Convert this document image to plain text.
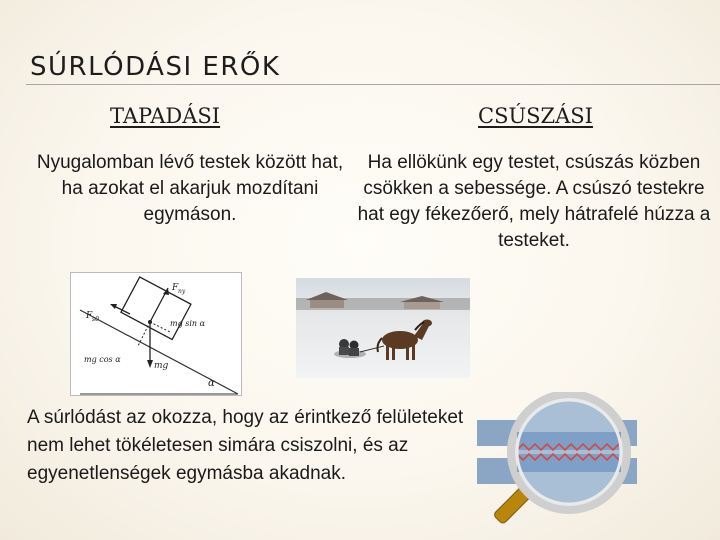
SÚRLÓDÁSI ERŐK
TAPADÁSI	CSÚSZÁSI
Nyugalomban lévő testek között hat, ha azokat el akarjuk mozdítani egymáson.
Ha ellökünk egy testet, csúszás közben csökken a sebessége. A csúszó testekre hat egy fékezőerő, mely hátrafelé húzza a testeket.
F ny
F s0	mg sin α
mg cos α
mg
α
A súrlódást az okozza, hogy az érintkező felületeket nem lehet tökéletesen simára csiszolni, és az egyenetlenségek egymásba akadnak.
